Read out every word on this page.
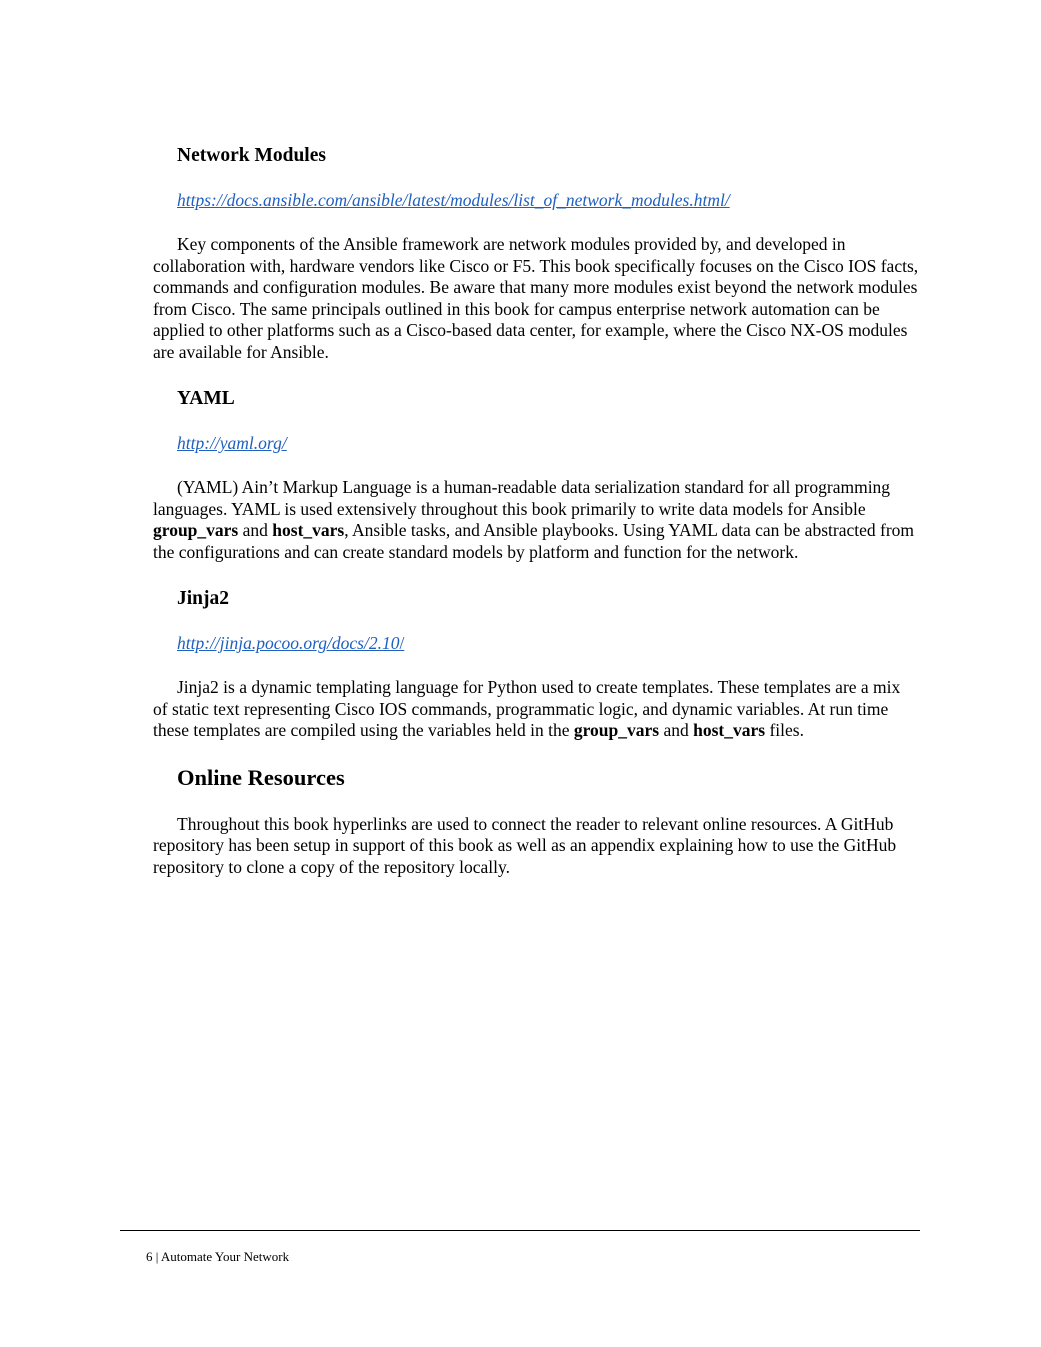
Network Modules
https://docs.ansible.com/ansible/latest/modules/list_of_network_modules.html/

Key components of the Ansible framework are network modules provided by, and developed in collaboration with, hardware vendors like Cisco or F5. This book specifically focuses on the Cisco IOS facts, commands and configuration modules. Be aware that many more modules exist beyond the network modules from Cisco. The same principals outlined in this book for campus enterprise network automation can be applied to other platforms such as a Cisco-based data center, for example, where the Cisco NX-OS modules are available for Ansible.

YAML
http://yaml.org/

(YAML) Ain’t Markup Language is a human-readable data serialization standard for all programming languages. YAML is used extensively throughout this book primarily to write data models for Ansible group_vars and host_vars, Ansible tasks, and Ansible playbooks. Using YAML data can be abstracted from the configurations and can create standard models by platform and function for the network.

Jinja2
http://jinja.pocoo.org/docs/2.10/

Jinja2 is a dynamic templating language for Python used to create templates. These templates are a mix of static text representing Cisco IOS commands, programmatic logic, and dynamic variables. At run time these templates are compiled using the variables held in the group_vars and host_vars files.

Online Resources

Throughout this book hyperlinks are used to connect the reader to relevant online resources. A GitHub repository has been setup in support of this book as well as an appendix explaining how to use the GitHub repository to clone a copy of the repository locally.

6 | Automate Your Network
